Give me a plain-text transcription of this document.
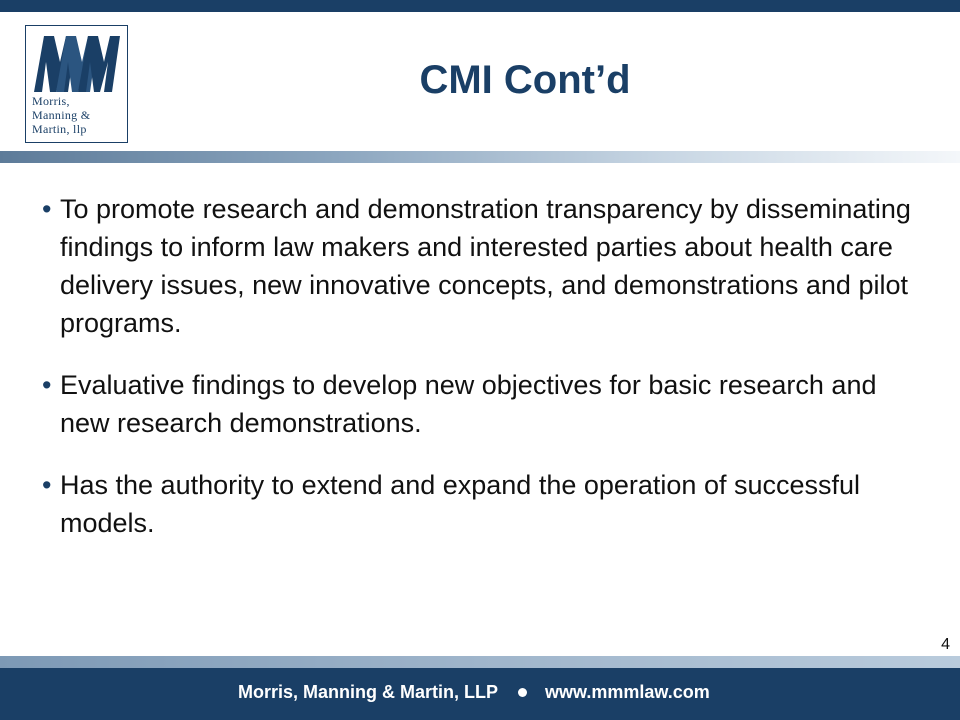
Morris,
Manning &
Martin, llp
CMI Cont’d
• To promote research and demonstration transparency by disseminating findings to inform law makers and interested parties about health care delivery issues, new innovative concepts, and demonstrations and pilot programs.
• Evaluative findings to develop new objectives for basic research and new research demonstrations.
• Has the authority to extend and expand the operation of successful models.
4
Morris, Manning & Martin, LLP	www.mmmlaw.com
